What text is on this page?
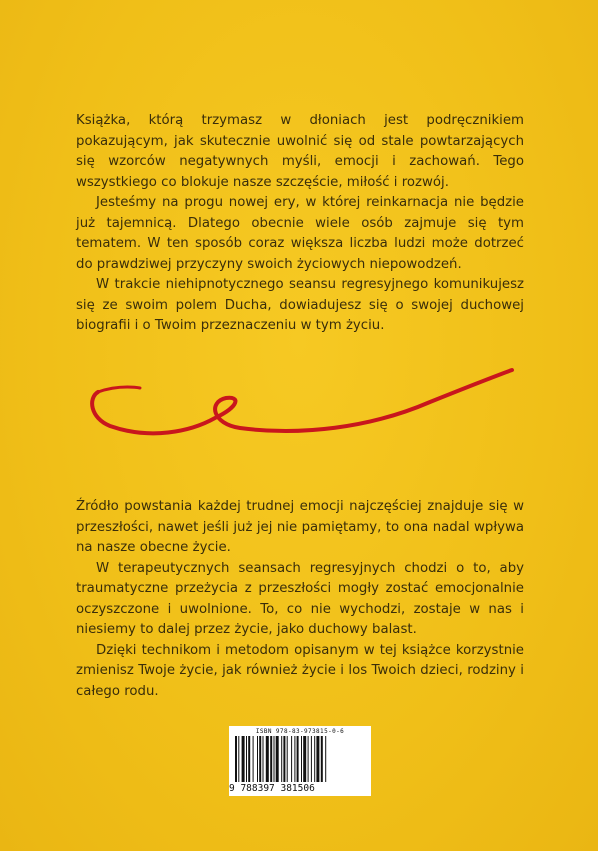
Książka, którą trzymasz w dłoniach jest podręcznikiem pokazującym, jak skutecznie uwolnić się od stale powtarzających się wzorców negatywnych myśli, emocji i zachowań. Tego wszystkiego co blokuje nasze szczęście, miłość i rozwój.

Jesteśmy na progu nowej ery, w której reinkarnacja nie będzie już tajemnicą. Dlatego obecnie wiele osób zajmuje się tym tematem. W ten sposób coraz większa liczba ludzi może dotrzeć do prawdziwej przyczyny swoich życiowych niepowodzeń.

W trakcie niehipnotycznego seansu regresyjnego komunikujesz się ze swoim polem Ducha, dowiadujesz się o swojej duchowej biografii i o Twoim przeznaczeniu w tym życiu.

Źródło powstania każdej trudnej emocji najczęściej znajduje się w przeszłości, nawet jeśli już jej nie pamiętamy, to ona nadal wpływa na nasze obecne życie.

W terapeutycznych seansach regresyjnych chodzi o to, aby traumatyczne przeżycia z przeszłości mogły zostać emocjonalnie oczyszczone i uwolnione. To, co nie wychodzi, zostaje w nas i niesiemy to dalej przez życie, jako duchowy balast.

Dzięki technikom i metodom opisanym w tej książce korzystnie zmienisz Twoje życie, jak również życie i los Twoich dzieci, rodziny i całego rodu.

ISBN 978-83-973815-0-6
9 788397 381506
